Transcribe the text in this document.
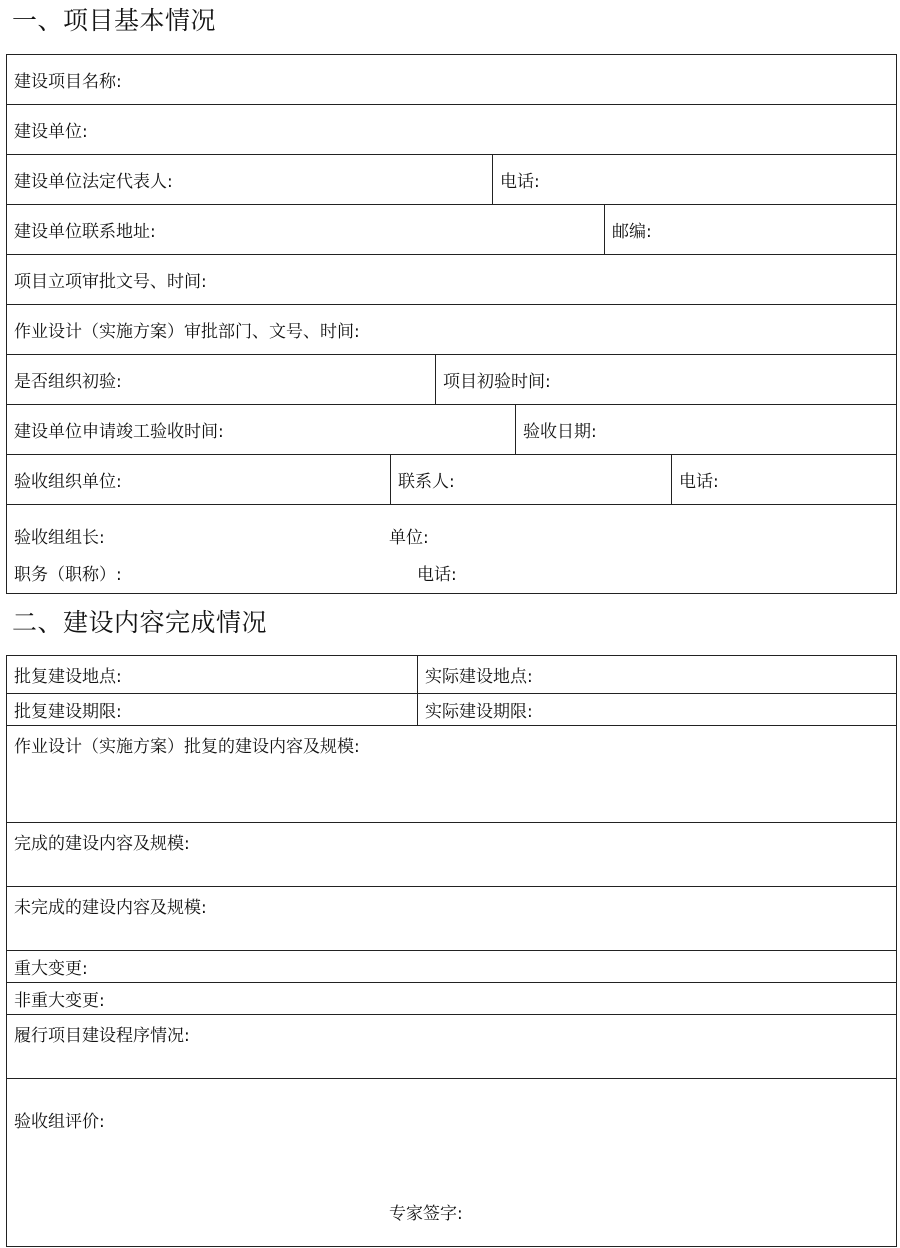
一、项目基本情况
建设项目名称:						
建设单位:						
建设单位法定代表人:			电话:			
建设单位联系地址:					邮编:	
项目立项审批文号、时间:						
作业设计（实施方案）审批部门、文号、时间:						
是否组织初验:		项目初验时间:				
建设单位申请竣工验收时间:				验收日期:		
验收组织单位:	联系人:					电话:

验收组组长: 单位:
职务（职称）: 电话:						
二、建设内容完成情况
批复建设地点:	实际建设地点:
批复建设期限:	实际建设期限:
作业设计（实施方案）批复的建设内容及规模:	
完成的建设内容及规模:	
未完成的建设内容及规模:	
重大变更:	
非重大变更:	
履行项目建设程序情况:	

验收组评价:
专家签字:	
